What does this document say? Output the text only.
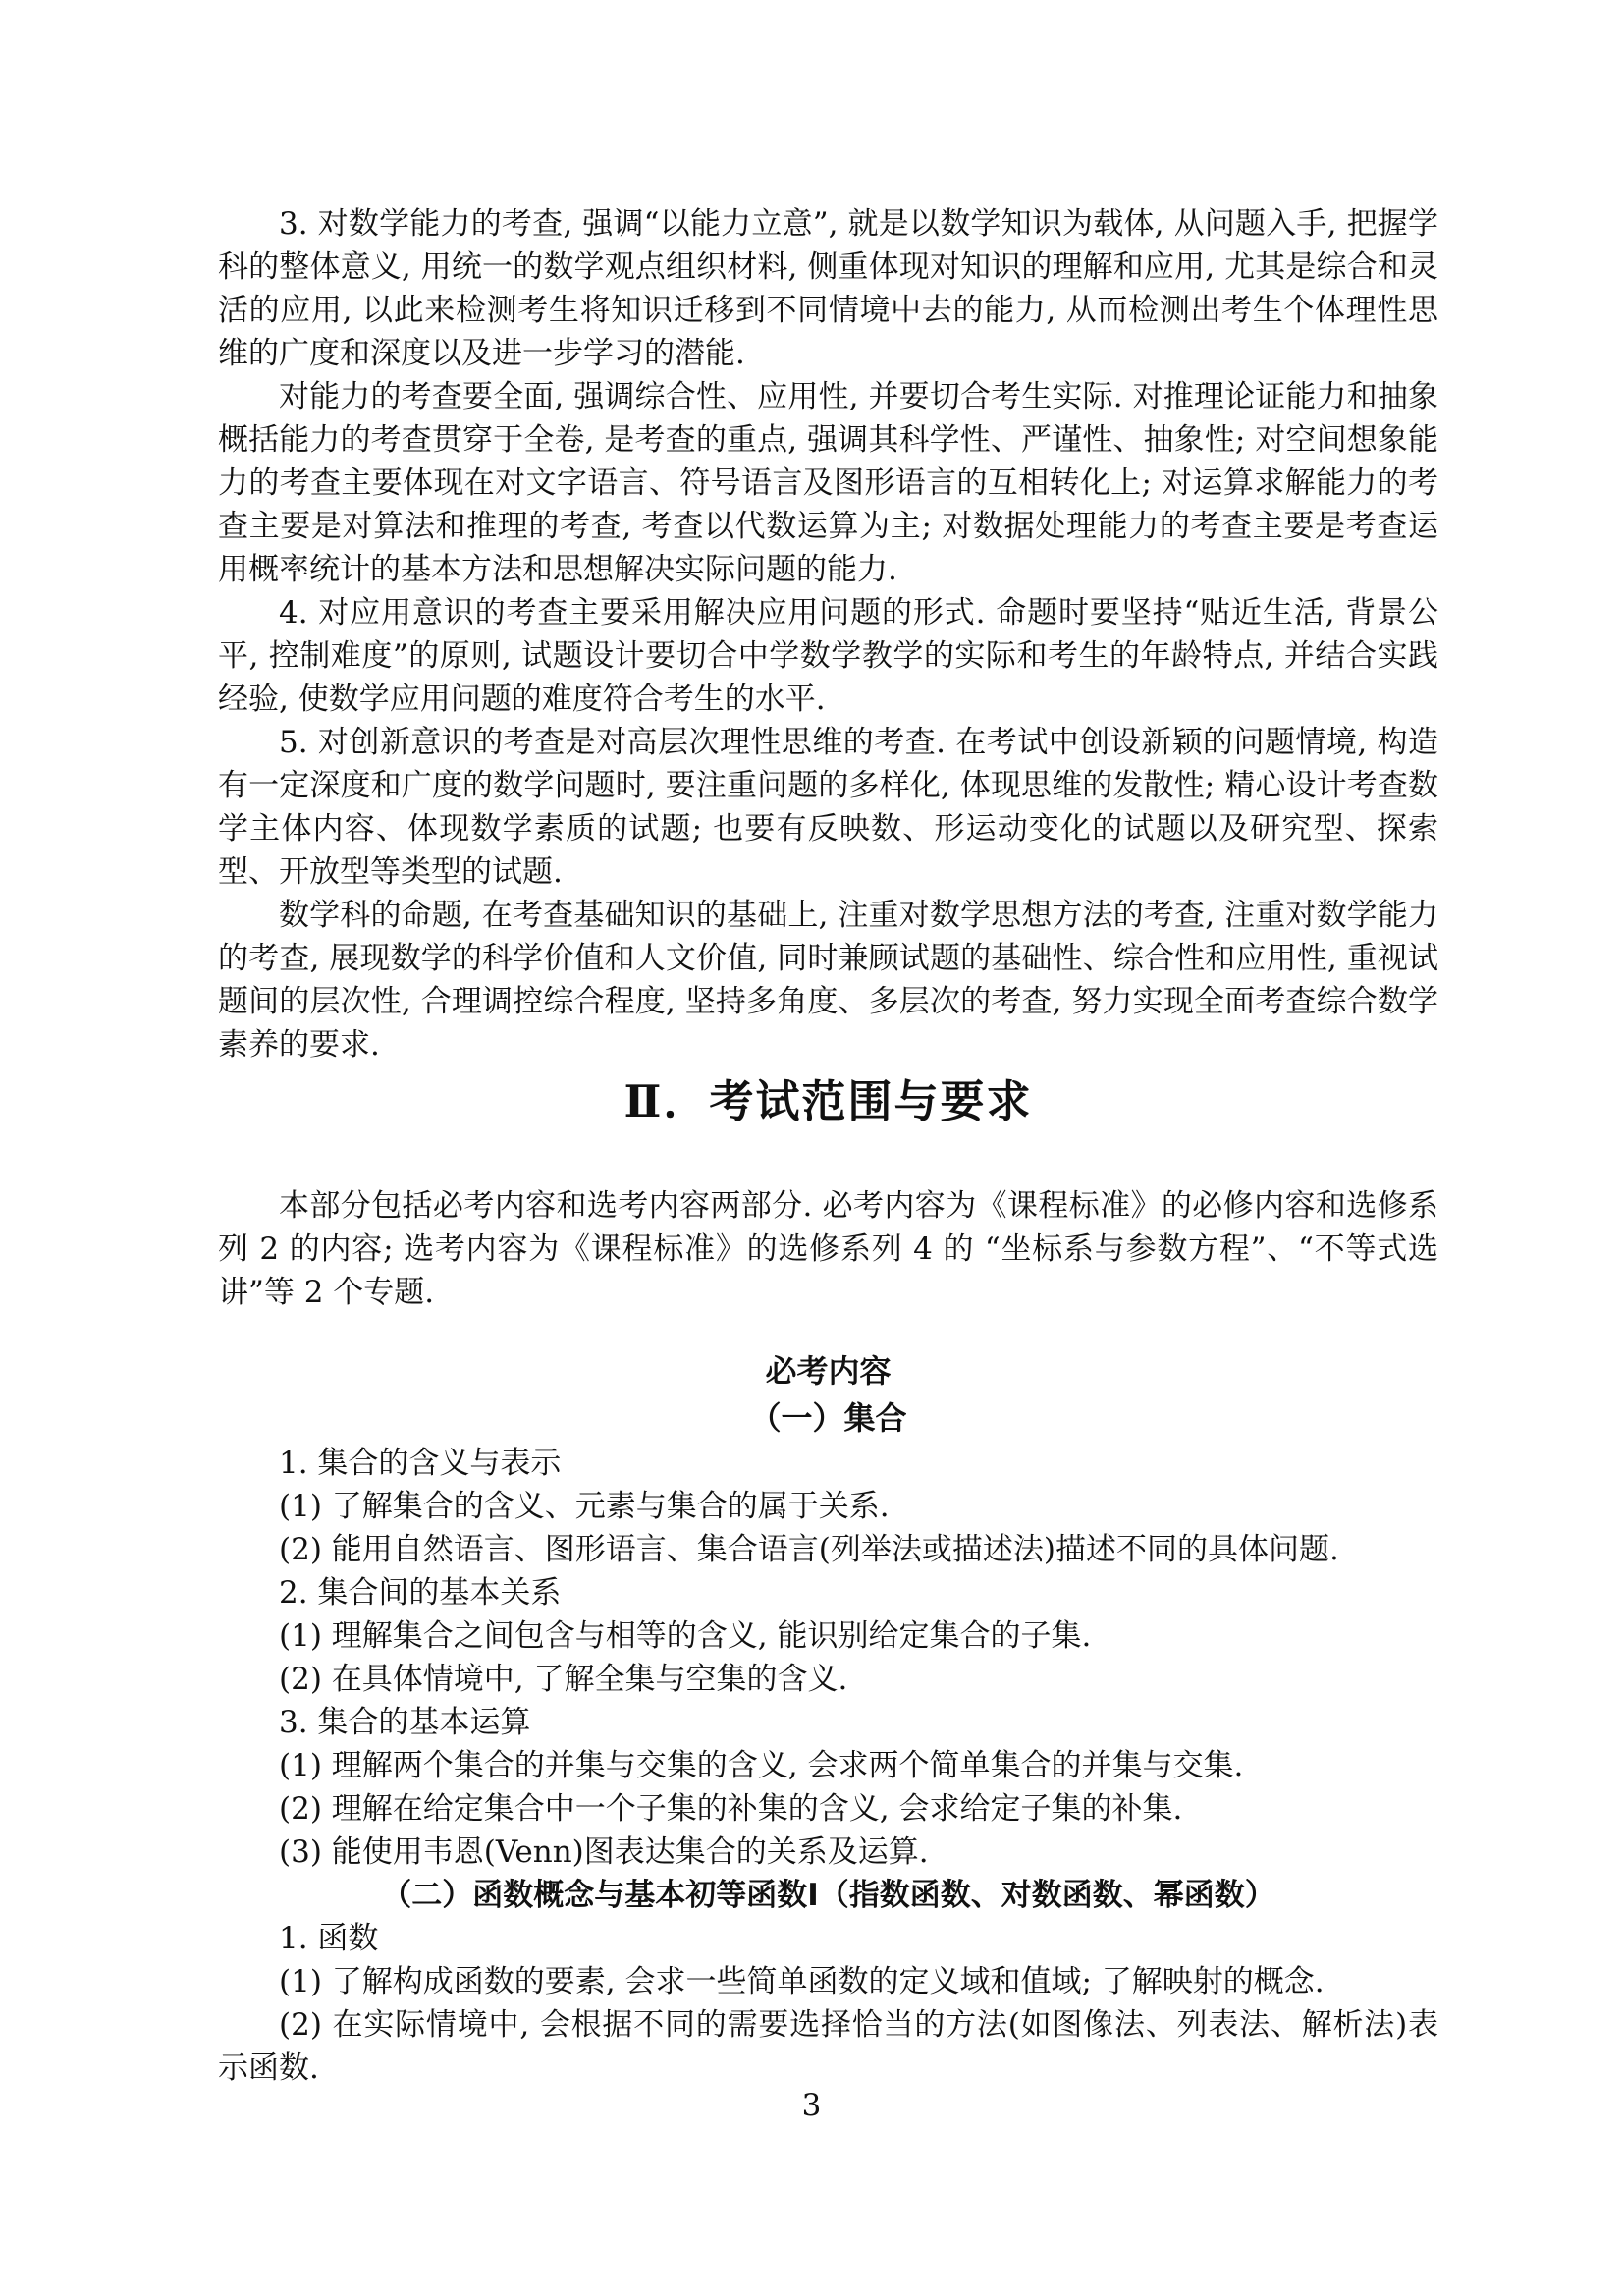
3. 对数学能力的考查, 强调“以能力立意”, 就是以数学知识为载体, 从问题入手, 把握学科的整体意义, 用统一的数学观点组织材料, 侧重体现对知识的理解和应用, 尤其是综合和灵活的应用, 以此来检测考生将知识迁移到不同情境中去的能力, 从而检测出考生个体理性思维的广度和深度以及进一步学习的潜能.

对能力的考查要全面, 强调综合性、应用性, 并要切合考生实际. 对推理论证能力和抽象概括能力的考查贯穿于全卷, 是考查的重点, 强调其科学性、严谨性、抽象性; 对空间想象能力的考查主要体现在对文字语言、符号语言及图形语言的互相转化上; 对运算求解能力的考查主要是对算法和推理的考查, 考查以代数运算为主; 对数据处理能力的考查主要是考查运用概率统计的基本方法和思想解决实际问题的能力.

4. 对应用意识的考查主要采用解决应用问题的形式. 命题时要坚持“贴近生活, 背景公平, 控制难度”的原则, 试题设计要切合中学数学教学的实际和考生的年龄特点, 并结合实践经验, 使数学应用问题的难度符合考生的水平.

5. 对创新意识的考查是对高层次理性思维的考查. 在考试中创设新颖的问题情境, 构造有一定深度和广度的数学问题时, 要注重问题的多样化, 体现思维的发散性; 精心设计考查数学主体内容、体现数学素质的试题; 也要有反映数、形运动变化的试题以及研究型、探索型、开放型等类型的试题.

数学科的命题, 在考查基础知识的基础上, 注重对数学思想方法的考查, 注重对数学能力的考查, 展现数学的科学价值和人文价值, 同时兼顾试题的基础性、综合性和应用性, 重视试题间的层次性, 合理调控综合程度, 坚持多角度、多层次的考查, 努力实现全面考查综合数学素养的要求.

Ⅱ．考试范围与要求

本部分包括必考内容和选考内容两部分. 必考内容为《课程标准》的必修内容和选修系列 2 的内容; 选考内容为《课程标准》的选修系列 4 的 “坐标系与参数方程”、“不等式选讲”等 2 个专题.

必考内容

（一）集合

1. 集合的含义与表示

(1) 了解集合的含义、元素与集合的属于关系.

(2) 能用自然语言、图形语言、集合语言(列举法或描述法)描述不同的具体问题.

2. 集合间的基本关系

(1) 理解集合之间包含与相等的含义, 能识别给定集合的子集.

(2) 在具体情境中, 了解全集与空集的含义.

3. 集合的基本运算

(1) 理解两个集合的并集与交集的含义, 会求两个简单集合的并集与交集.

(2) 理解在给定集合中一个子集的补集的含义, 会求给定子集的补集.

(3) 能使用韦恩(Venn)图表达集合的关系及运算.

（二）函数概念与基本初等函数Ⅰ（指数函数、对数函数、幂函数）

1. 函数

(1) 了解构成函数的要素, 会求一些简单函数的定义域和值域; 了解映射的概念.

(2) 在实际情境中, 会根据不同的需要选择恰当的方法(如图像法、列表法、解析法)表示函数.

3
